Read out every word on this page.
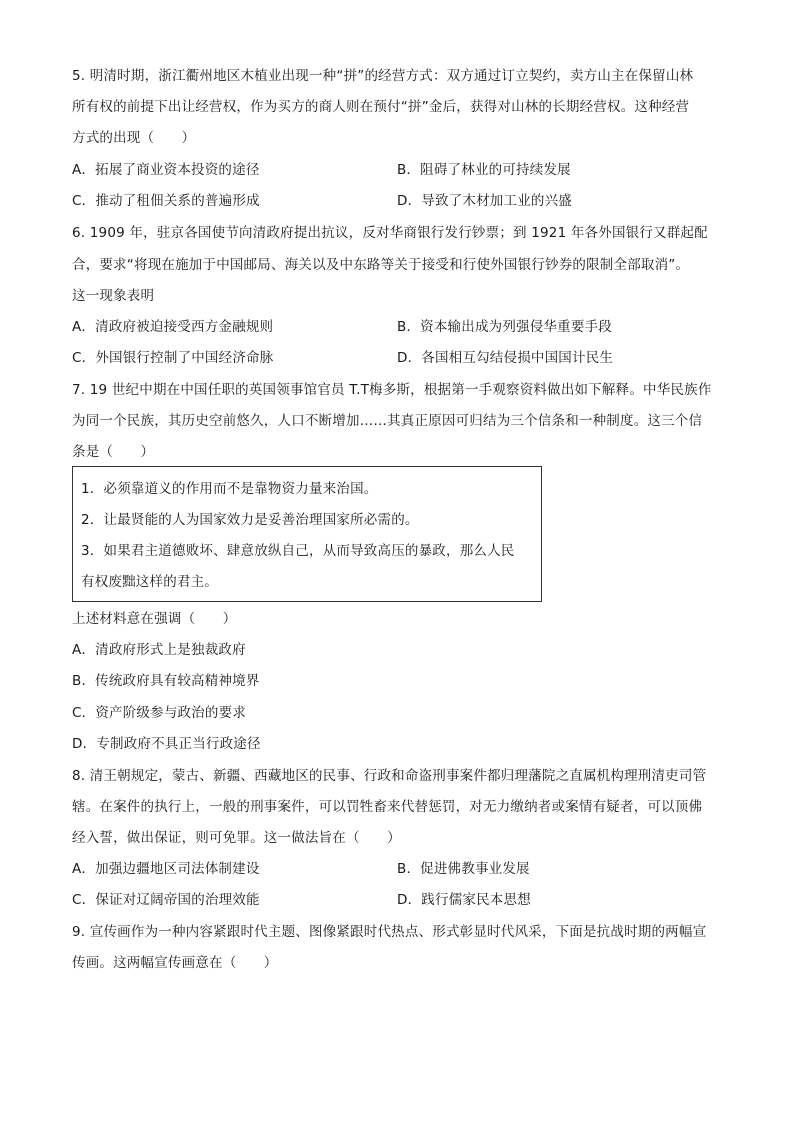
5. 明清时期，浙江衢州地区木植业出现一种“拼”的经营方式：双方通过订立契约，卖方山主在保留山林
所有权的前提下出让经营权，作为买方的商人则在预付“拼”金后，获得对山林的长期经营权。这种经营
方式的出现（　　）
A．拓展了商业资本投资的途径	B．阻碍了林业的可持续发展
C．推动了租佃关系的普遍形成	D．导致了木材加工业的兴盛
6. 1909 年，驻京各国使节向清政府提出抗议，反对华商银行发行钞票；到 1921 年各外国银行又群起配
合，要求“将现在施加于中国邮局、海关以及中东路等关于接受和行使外国银行钞券的限制全部取消”。
这一现象表明
A．清政府被迫接受西方金融规则	B．资本输出成为列强侵华重要手段
C．外国银行控制了中国经济命脉	D．各国相互勾结侵损中国国计民生
7. 19 世纪中期在中国任职的英国领事馆官员 T.T梅多斯，根据第一手观察资料做出如下解释。中华民族作
为同一个民族，其历史空前悠久，人口不断增加……其真正原因可归结为三个信条和一种制度。这三个信
条是（　　）
1．必须靠道义的作用而不是靠物资力量来治国。
2．让最贤能的人为国家效力是妥善治理国家所必需的。
3．如果君主道德败坏、肆意放纵自己，从而导致高压的暴政，那么人民
有权废黜这样的君主。
上述材料意在强调（　　）
A．清政府形式上是独裁政府
B．传统政府具有较高精神境界
C．资产阶级参与政治的要求
D．专制政府不具正当行政途径
8. 清王朝规定，蒙古、新疆、西藏地区的民事、行政和命盗刑事案件都归理藩院之直属机构理刑清吏司管
辖。在案件的执行上，一般的刑事案件，可以罚牲畜来代替惩罚，对无力缴纳者或案情有疑者，可以顶佛
经入誓，做出保证，则可免罪。这一做法旨在（　　）
A．加强边疆地区司法体制建设	B．促进佛教事业发展
C．保证对辽阔帝国的治理效能	D．践行儒家民本思想
9. 宣传画作为一种内容紧跟时代主题、图像紧跟时代热点、形式彰显时代风采，下面是抗战时期的两幅宣
传画。这两幅宣传画意在（　　）
